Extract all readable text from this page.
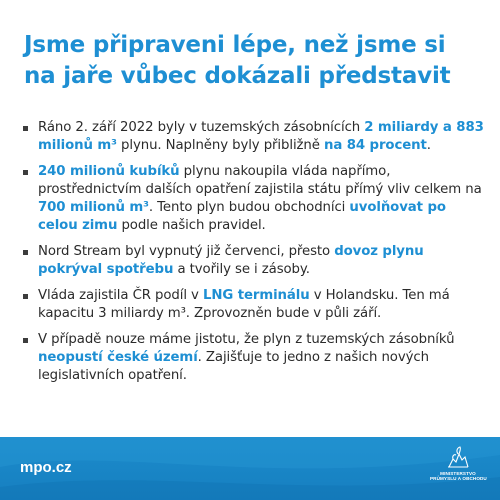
Jsme připraveni lépe, než jsme si na jaře vůbec dokázali představit
Ráno 2. září 2022 byly v tuzemských zásobnících 2 miliardy a 883 milionů m³ plynu. Naplněny byly přibližně na 84 procent.
240 milionů kubíků plynu nakoupila vláda napřímo, prostřednictvím dalších opatření zajistila státu přímý vliv celkem na 700 milionů m³. Tento plyn budou obchodníci uvolňovat po celou zimu podle našich pravidel.
Nord Stream byl vypnutý již červenci, přesto dovoz plynu pokrýval spotřebu a tvořily se i zásoby.
Vláda zajistila ČR podíl v LNG terminálu v Holandsku. Ten má kapacitu 3 miliardy m³. Zprovozněn bude v půli září.
V případě nouze máme jistotu, že plyn z tuzemských zásobníků neopustí české území. Zajišťuje to jedno z našich nových legislativních opatření.
mpo.cz	MINISTERSTVO
PRŮMYSLU A OBCHODU
